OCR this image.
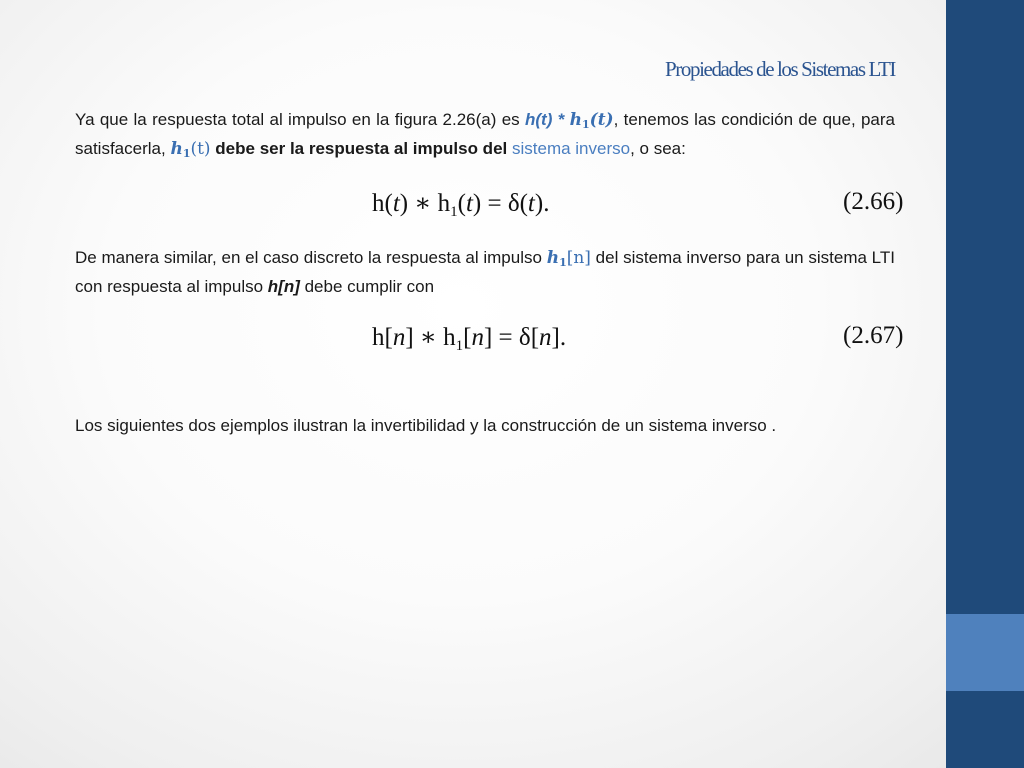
Propiedades de los Sistemas LTI
Ya que la respuesta total al impulso en la figura 2.26(a) es $h(t) * h_1(t)$, tenemos las condición de que, para satisfacerla, $h_1(t)$ debe ser la respuesta al impulso del sistema inverso, o sea:
h(t) ∗ $h_1(t) = \delta(t)$.	(2.66)
De manera similar, en el caso discreto la respuesta al impulso $h_1[n]$ del sistema inverso para un sistema LTI con respuesta al impulso h[n] debe cumplir con
h[n] ∗ $h_1[n] = \delta[n]$.	(2.67)
Los siguientes dos ejemplos ilustran la invertibilidad y la construcción de un sistema inverso .
